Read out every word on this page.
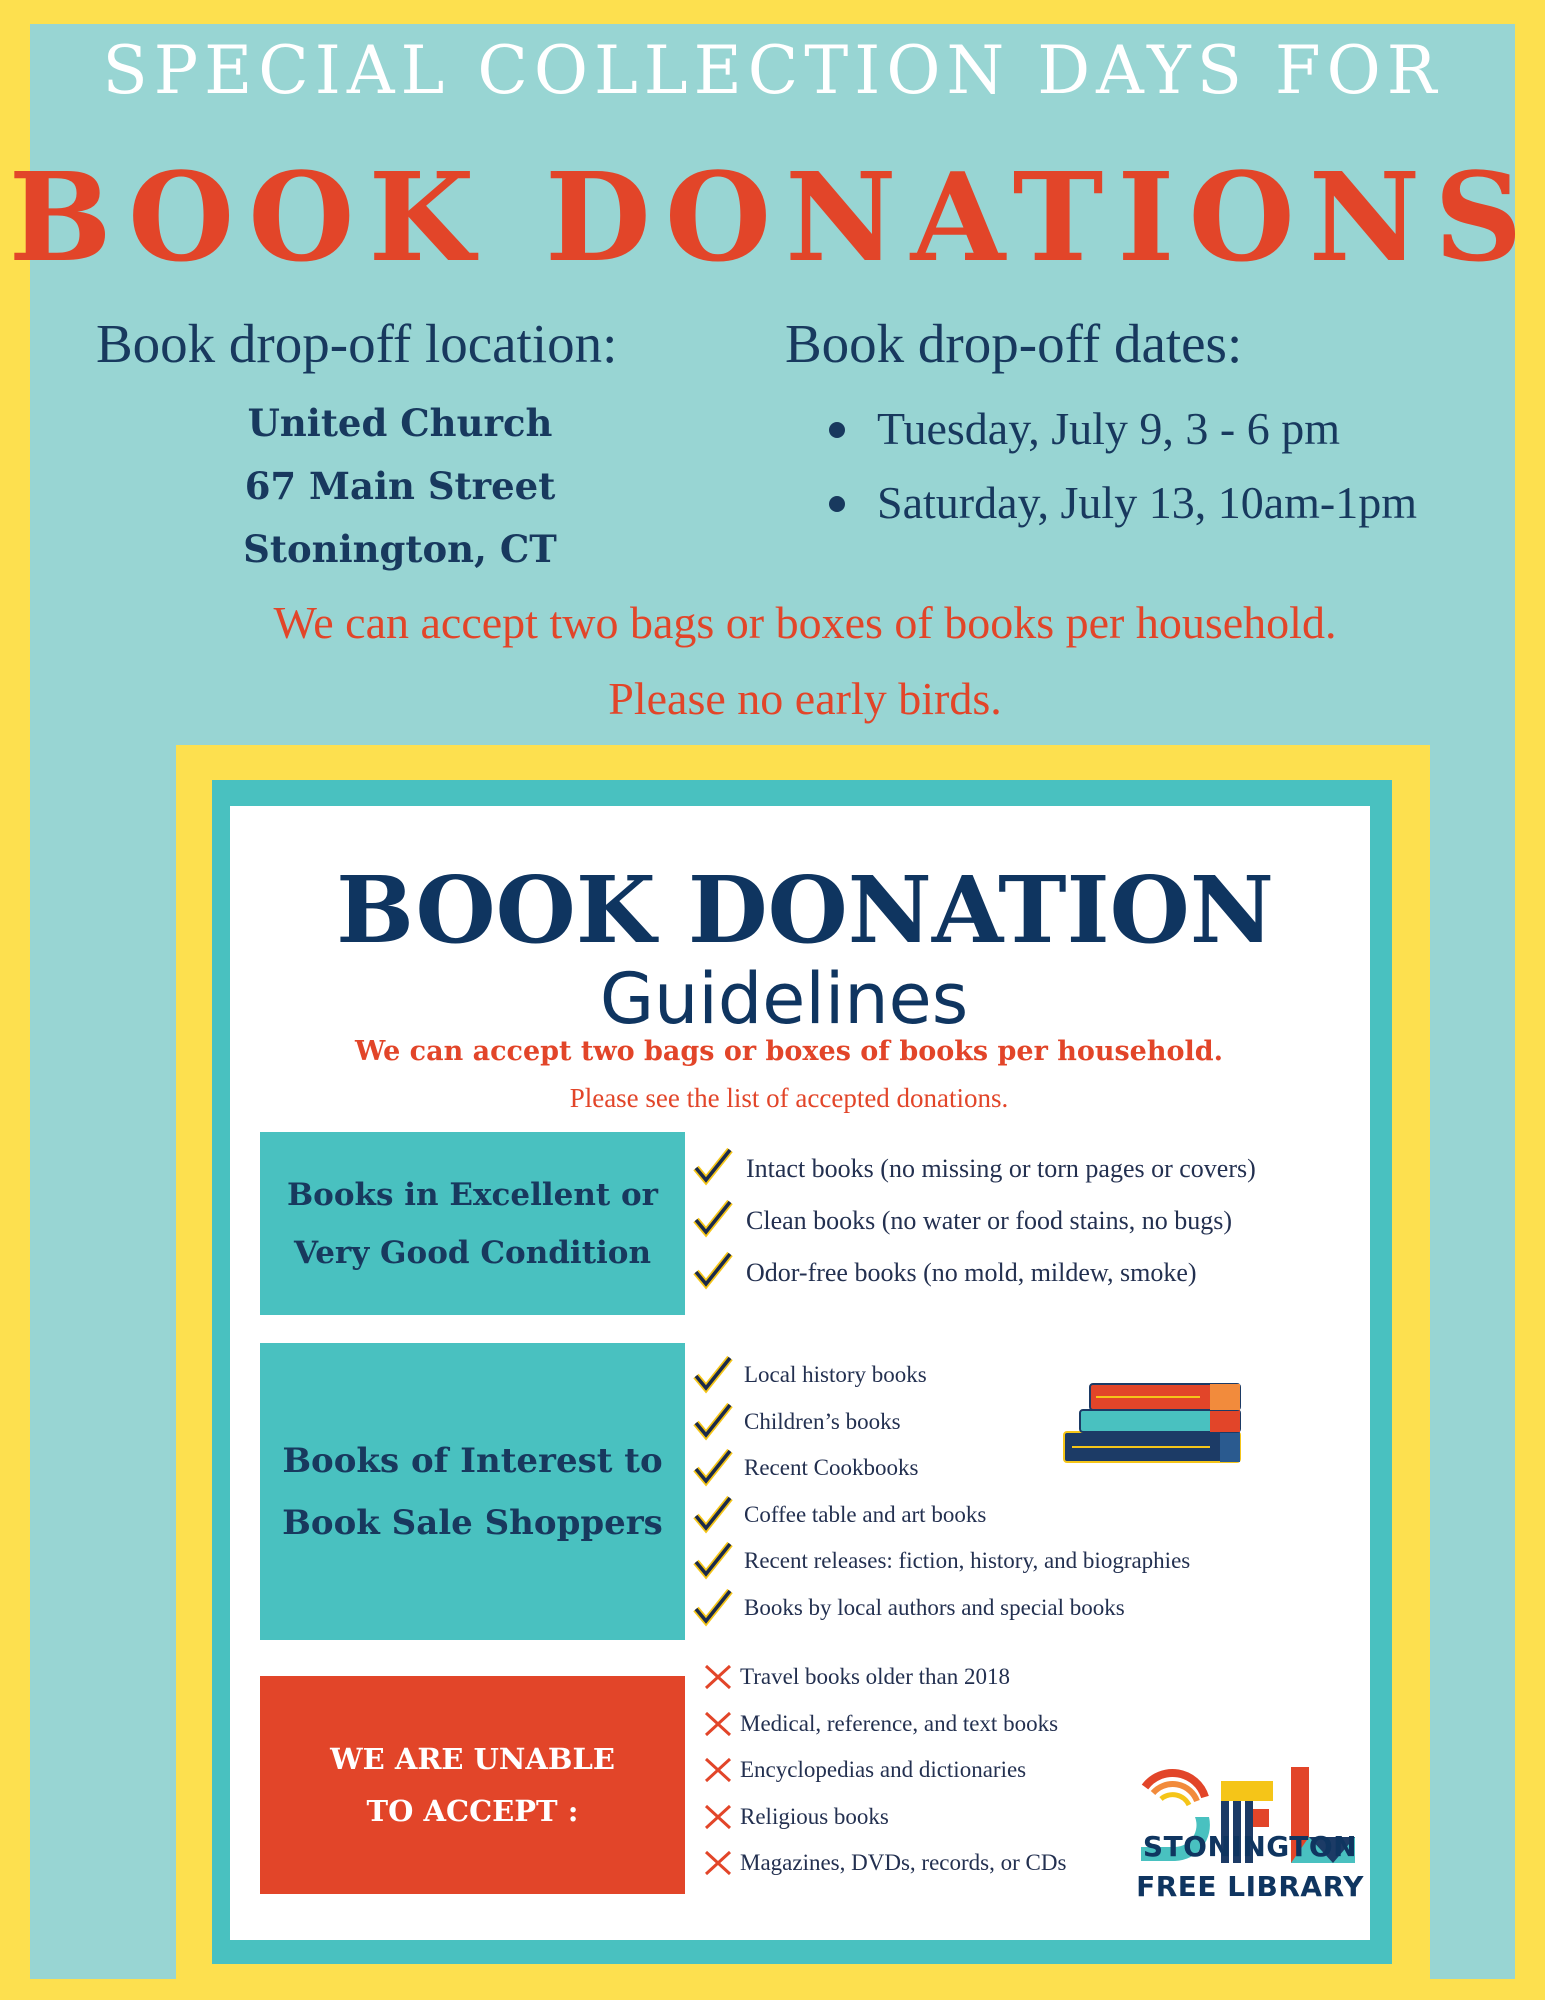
SPECIAL COLLECTION DAYS FOR
BOOK DONATIONS
Book drop-off location:	Book drop-off dates:
United Church
67 Main Street
Stonington, CT
Tuesday, July 9, 3 - 6 pm
Saturday, July 13, 10am-1pm
We can accept two bags or boxes of books per household.
Please no early birds.
BOOK DONATION
Guidelines
We can accept two bags or boxes of books per household.
Please see the list of accepted donations.
Books in Excellent or
Very Good Condition
Intact books (no missing or torn pages or covers)
Clean books (no water or food stains, no bugs)
Odor-free books (no mold, mildew, smoke)
Books of Interest to
Book Sale Shoppers
Local history books
Children’s books
Recent Cookbooks
Coffee table and art books
Recent releases: fiction, history, and biographies
Books by local authors and special books
WE ARE UNABLE
TO ACCEPT :
Travel books older than 2018
Medical, reference, and text books
Encyclopedias and dictionaries
Religious books
Magazines, DVDs, records, or CDs	STONINGTON
FREE LIBRARY
